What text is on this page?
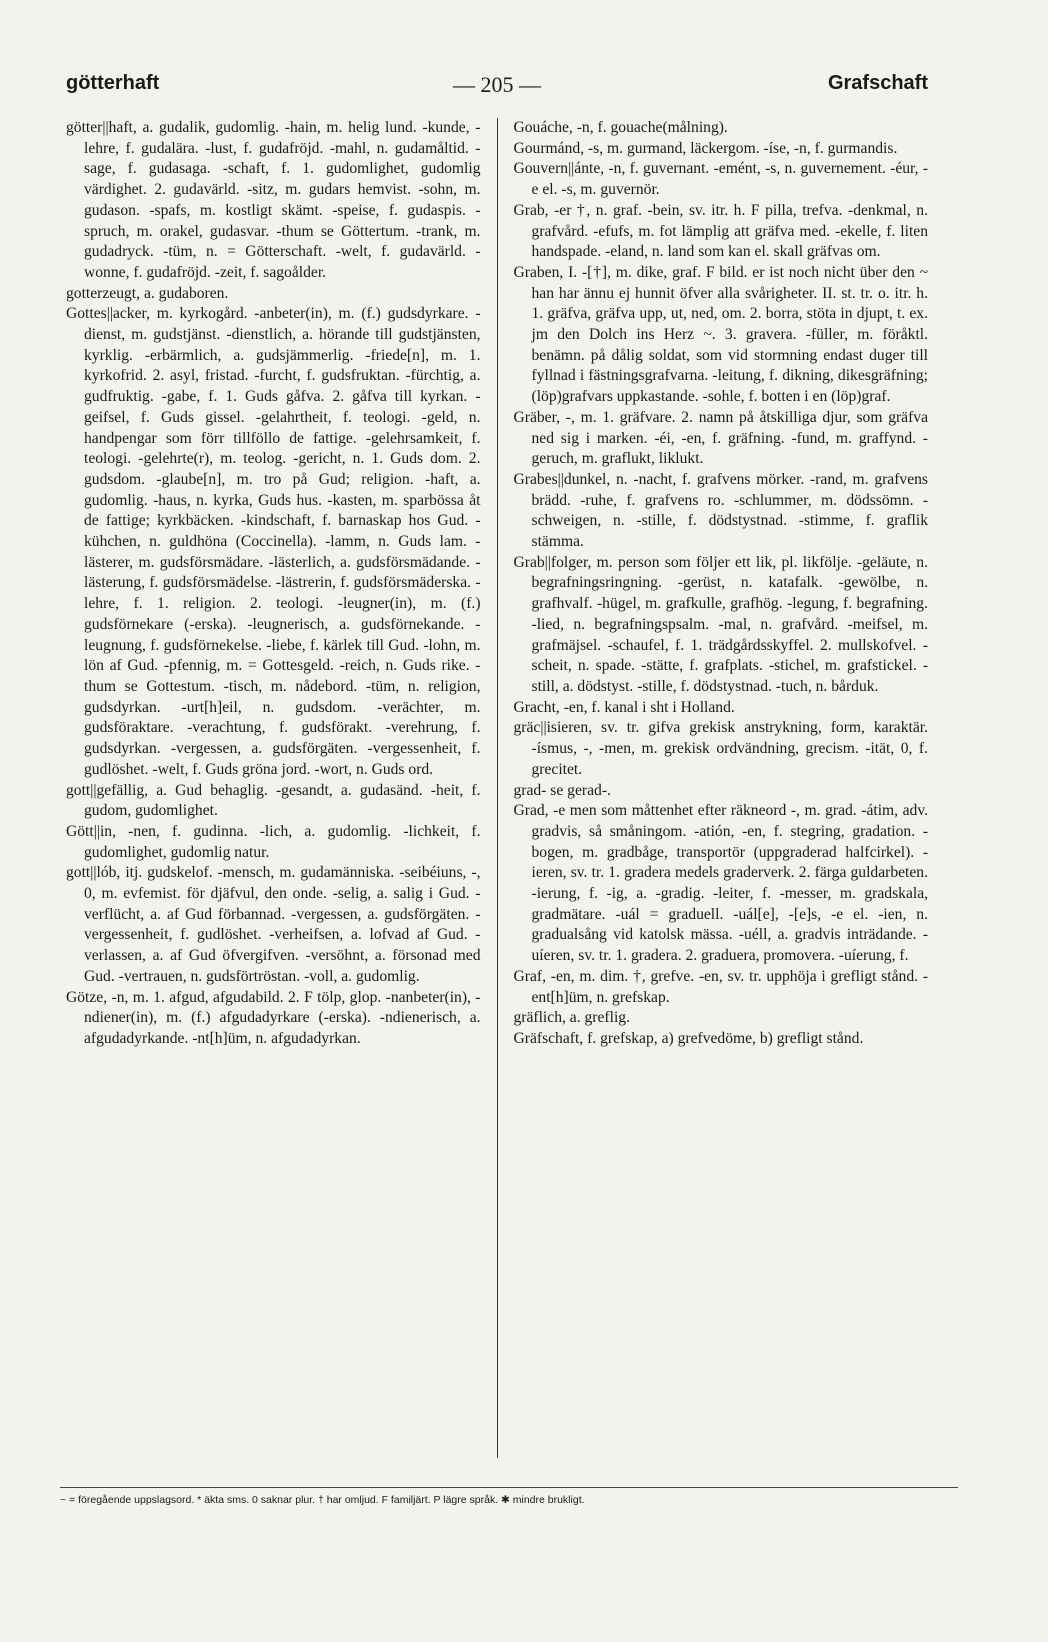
götterhaft	— 205 —	Grafschaft

götter||haft, a. gudalik, gudomlig. -hain, m. helig lund. -kunde, -lehre, f. gudalära. -lust, f. gudafröjd. -mahl, n. gudamåltid. -sage, f. gudasaga. -schaft, f. 1. gudomlighet, gudomlig värdighet. 2. gudavärld. -sitz, m. gudars hemvist. -sohn, m. gudason. -spafs, m. kostligt skämt. -speise, f. gudaspis. -spruch, m. orakel, gudasvar. -thum se Göttertum. -trank, m. gudadryck. -tüm, n. = Götterschaft. -welt, f. gudavärld. -wonne, f. gudafröjd. -zeit, f. sagoålder.

gotterzeugt, a. gudaboren.

Gottes||acker, m. kyrkogård. -anbeter(in), m. (f.) gudsdyrkare. -dienst, m. gudstjänst. -dienstlich, a. hörande till gudstjänsten, kyrklig. -erbärmlich, a. gudsjämmerlig. -friede[n], m. 1. kyrkofrid. 2. asyl, fristad. -furcht, f. gudsfruktan. -fürchtig, a. gudfruktig. -gabe, f. 1. Guds gåfva. 2. gåfva till kyrkan. -geifsel, f. Guds gissel. -gelahrtheit, f. teologi. -geld, n. handpengar som förr tillföllo de fattige. -gelehrsamkeit, f. teologi. -gelehrte(r), m. teolog. -gericht, n. 1. Guds dom. 2. gudsdom. -glaube[n], m. tro på Gud; religion. -haft, a. gudomlig. -haus, n. kyrka, Guds hus. -kasten, m. sparbössa åt de fattige; kyrkbäcken. -kindschaft, f. barnaskap hos Gud. -kühchen, n. guldhöna (Coccinella). -lamm, n. Guds lam. -lästerer, m. gudsförsmädare. -lästerlich, a. gudsförsmädande. -lästerung, f. gudsförsmädelse. -lästrerin, f. gudsförsmäderska. -lehre, f. 1. religion. 2. teologi. -leugner(in), m. (f.) gudsförnekare (-erska). -leugnerisch, a. gudsförnekande. -leugnung, f. gudsförnekelse. -liebe, f. kärlek till Gud. -lohn, m. lön af Gud. -pfennig, m. = Gottesgeld. -reich, n. Guds rike. -thum se Gottestum. -tisch, m. nådebord. -tüm, n. religion, gudsdyrkan. -urt[h]eil, n. gudsdom. -verächter, m. gudsföraktare. -verachtung, f. gudsförakt. -verehrung, f. gudsdyrkan. -vergessen, a. gudsförgäten. -vergessenheit, f. gudlöshet. -welt, f. Guds gröna jord. -wort, n. Guds ord.

gott||gefällig, a. Gud behaglig. -gesandt, a. gudasänd. -heit, f. gudom, gudomlighet.

Gött||in, -nen, f. gudinna. -lich, a. gudomlig. -lichkeit, f. gudomlighet, gudomlig natur.

gott||lób, itj. gudskelof. -mensch, m. gudamänniska. -seibéiuns, -, 0, m. evfemist. för djäfvul, den onde. -selig, a. salig i Gud. -verflücht, a. af Gud förbannad. -vergessen, a. gudsförgäten. -vergessenheit, f. gudlöshet. -verheifsen, a. lofvad af Gud. -verlassen, a. af Gud öfvergifven. -versöhnt, a. försonad med Gud. -vertrauen, n. gudsförtröstan. -voll, a. gudomlig.

Götze, -n, m. 1. afgud, afgudabild. 2. F tölp, glop. -nanbeter(in), -ndiener(in), m. (f.) afgudadyrkare (-erska). -ndienerisch, a. afgudadyrkande. -nt[h]üm, n. afgudadyrkan.

Gouáche, -n, f. gouache(målning).

Gourmánd, -s, m. gurmand, läckergom. -íse, -n, f. gurmandis.

Gouvern||ánte, -n, f. guvernant. -emént, -s, n. guvernement. -éur, -e el. -s, m. guvernör.

Grab, -er †, n. graf. -bein, sv. itr. h. F pilla, trefva. -denkmal, n. grafvård. -efufs, m. fot lämplig att gräfva med. -ekelle, f. liten handspade. -eland, n. land som kan el. skall gräfvas om.

Graben, I. -[†], m. dike, graf. F bild. er ist noch nicht über den ~ han har ännu ej hunnit öfver alla svårigheter. II. st. tr. o. itr. h. 1. gräfva, gräfva upp, ut, ned, om. 2. borra, stöta in djupt, t. ex. jm den Dolch ins Herz ~. 3. gravera. -füller, m. föråktl. benämn. på dålig soldat, som vid stormning endast duger till fyllnad i fästningsgrafvarna. -leitung, f. dikning, dikesgräfning; (löp)grafvars uppkastande. -sohle, f. botten i en (löp)graf.

Gräber, -, m. 1. gräfvare. 2. namn på åtskilliga djur, som gräfva ned sig i marken. -éi, -en, f. gräfning. -fund, m. graffynd. -geruch, m. graflukt, liklukt.

Grabes||dunkel, n. -nacht, f. grafvens mörker. -rand, m. grafvens brädd. -ruhe, f. grafvens ro. -schlummer, m. dödssömn. -schweigen, n. -stille, f. dödstystnad. -stimme, f. graflik stämma.

Grab||folger, m. person som följer ett lik, pl. likfölje. -geläute, n. begrafningsringning. -gerüst, n. katafalk. -gewölbe, n. grafhvalf. -hügel, m. grafkulle, grafhög. -legung, f. begrafning. -lied, n. begrafningspsalm. -mal, n. grafvård. -meifsel, m. grafmäjsel. -schaufel, f. 1. trädgårdsskyffel. 2. mullskofvel. -scheit, n. spade. -stätte, f. grafplats. -stichel, m. grafstickel. -still, a. dödstyst. -stille, f. dödstystnad. -tuch, n. bårduk.

Gracht, -en, f. kanal i sht i Holland.

gräc||isieren, sv. tr. gifva grekisk anstrykning, form, karaktär. -ísmus, -, -men, m. grekisk ordvändning, grecism. -ität, 0, f. grecitet.

grad- se gerad-.

Grad, -e men som måttenhet efter räkneord -, m. grad. -átim, adv. gradvis, så småningom. -atión, -en, f. stegring, gradation. -bogen, m. gradbåge, transportör (uppgraderad halfcirkel). -ieren, sv. tr. 1. gradera medels graderverk. 2. färga guldarbeten. -ierung, f. -ig, a. -gradig. -leiter, f. -messer, m. gradskala, gradmätare. -uál = graduell. -uál[e], -[e]s, -e el. -ien, n. gradualsång vid katolsk mässa. -uéll, a. gradvis inträdande. -uíeren, sv. tr. 1. gradera. 2. graduera, promovera. -uíerung, f.

Graf, -en, m. dim. †, grefve. -en, sv. tr. upphöja i grefligt stånd. -ent[h]üm, n. grefskap.

gräflich, a. greflig.

Gräfschaft, f. grefskap, a) grefvedöme, b) grefligt stånd.

~ = föregående uppslagsord. * äkta sms. 0 saknar plur. † har omljud. F familjärt. P lägre språk. ✱ mindre brukligt.
